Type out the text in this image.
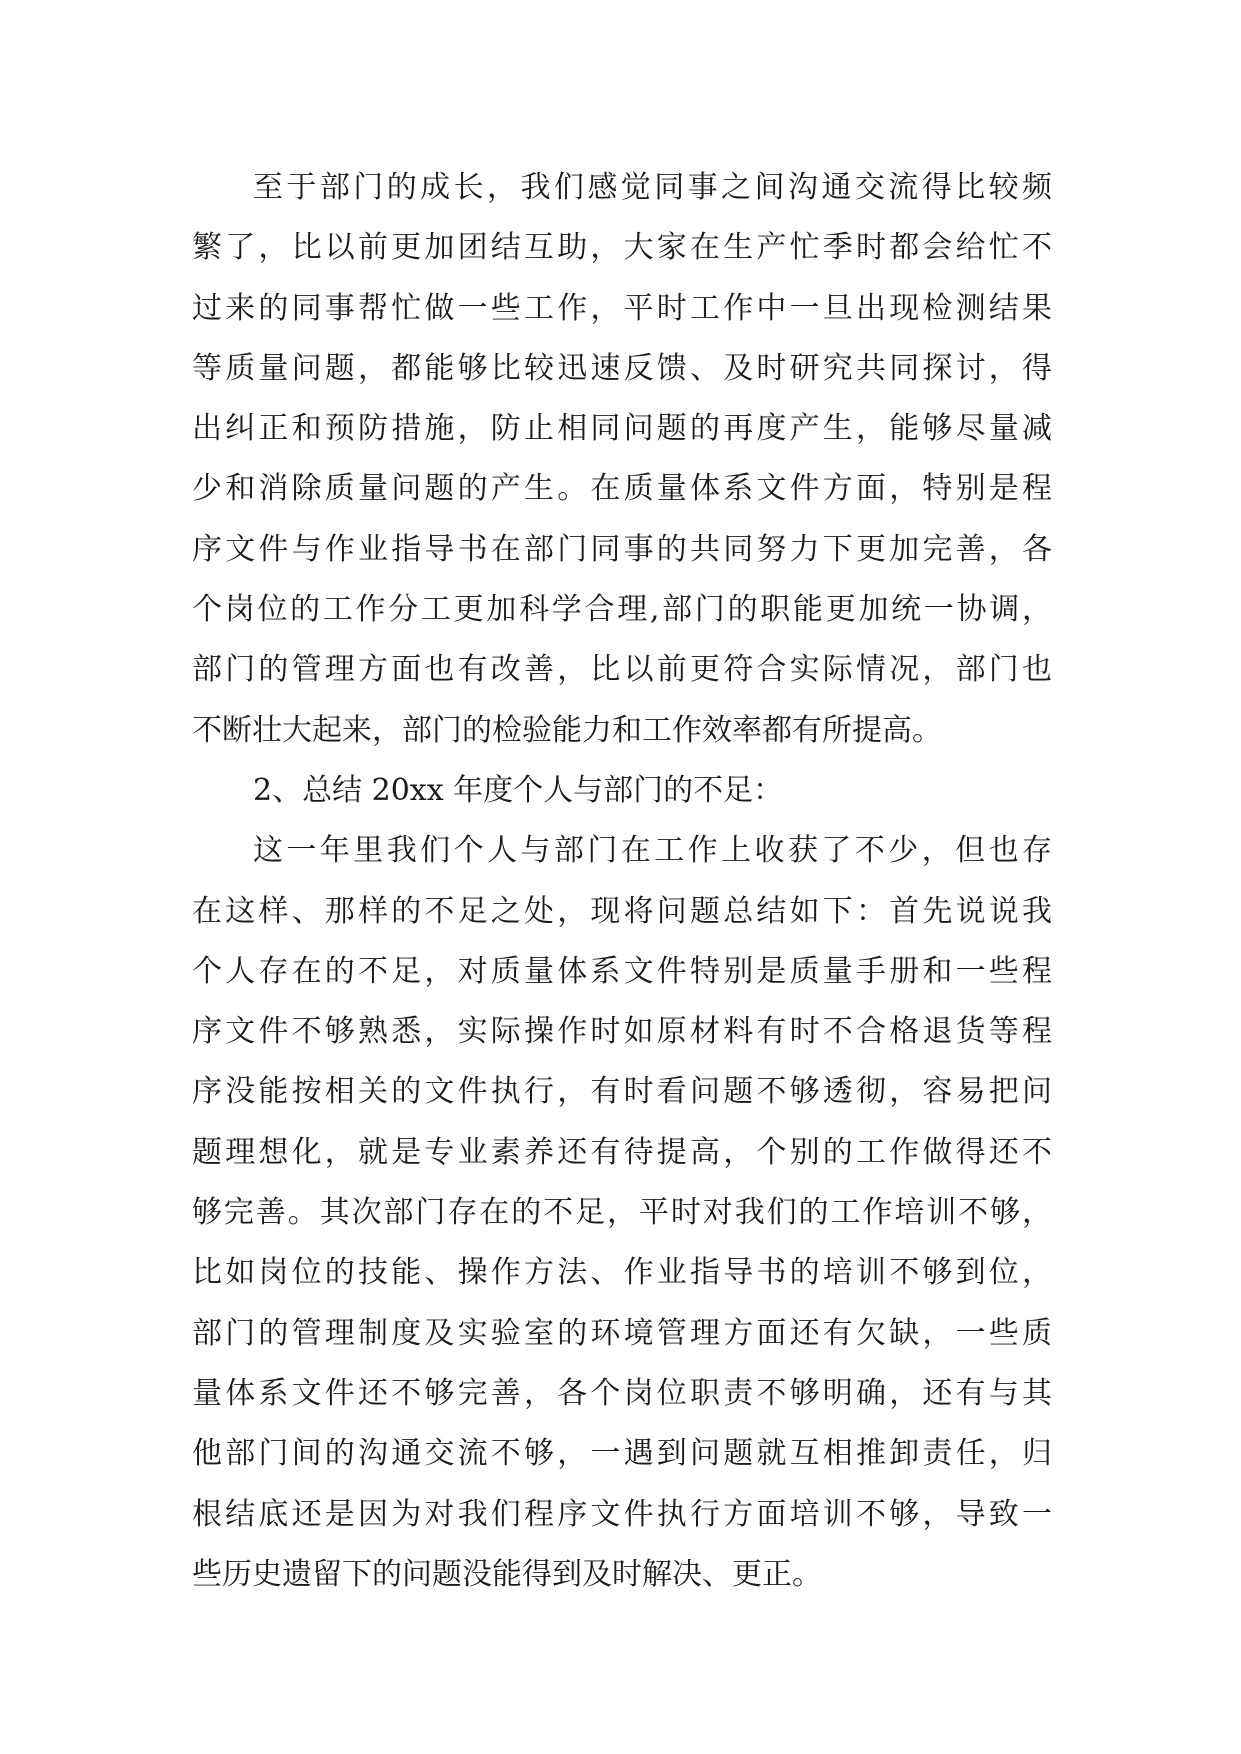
至于部门的成长，我们感觉同事之间沟通交流得比较频
繁了，比以前更加团结互助，大家在生产忙季时都会给忙不
过来的同事帮忙做一些工作，平时工作中一旦出现检测结果
等质量问题，都能够比较迅速反馈、及时研究共同探讨，得
出纠正和预防措施，防止相同问题的再度产生，能够尽量减
少和消除质量问题的产生。在质量体系文件方面，特别是程
序文件与作业指导书在部门同事的共同努力下更加完善，各
个岗位的工作分工更加科学合理,部门的职能更加统一协调，
部门的管理方面也有改善，比以前更符合实际情况，部门也
不断壮大起来，部门的检验能力和工作效率都有所提高。
2、总结 20xx 年度个人与部门的不足：
这一年里我们个人与部门在工作上收获了不少，但也存
在这样、那样的不足之处，现将问题总结如下：首先说说我
个人存在的不足，对质量体系文件特别是质量手册和一些程
序文件不够熟悉，实际操作时如原材料有时不合格退货等程
序没能按相关的文件执行，有时看问题不够透彻，容易把问
题理想化，就是专业素养还有待提高，个别的工作做得还不
够完善。其次部门存在的不足，平时对我们的工作培训不够，
比如岗位的技能、操作方法、作业指导书的培训不够到位，
部门的管理制度及实验室的环境管理方面还有欠缺，一些质
量体系文件还不够完善，各个岗位职责不够明确，还有与其
他部门间的沟通交流不够，一遇到问题就互相推卸责任，归
根结底还是因为对我们程序文件执行方面培训不够，导致一
些历史遗留下的问题没能得到及时解决、更正。
